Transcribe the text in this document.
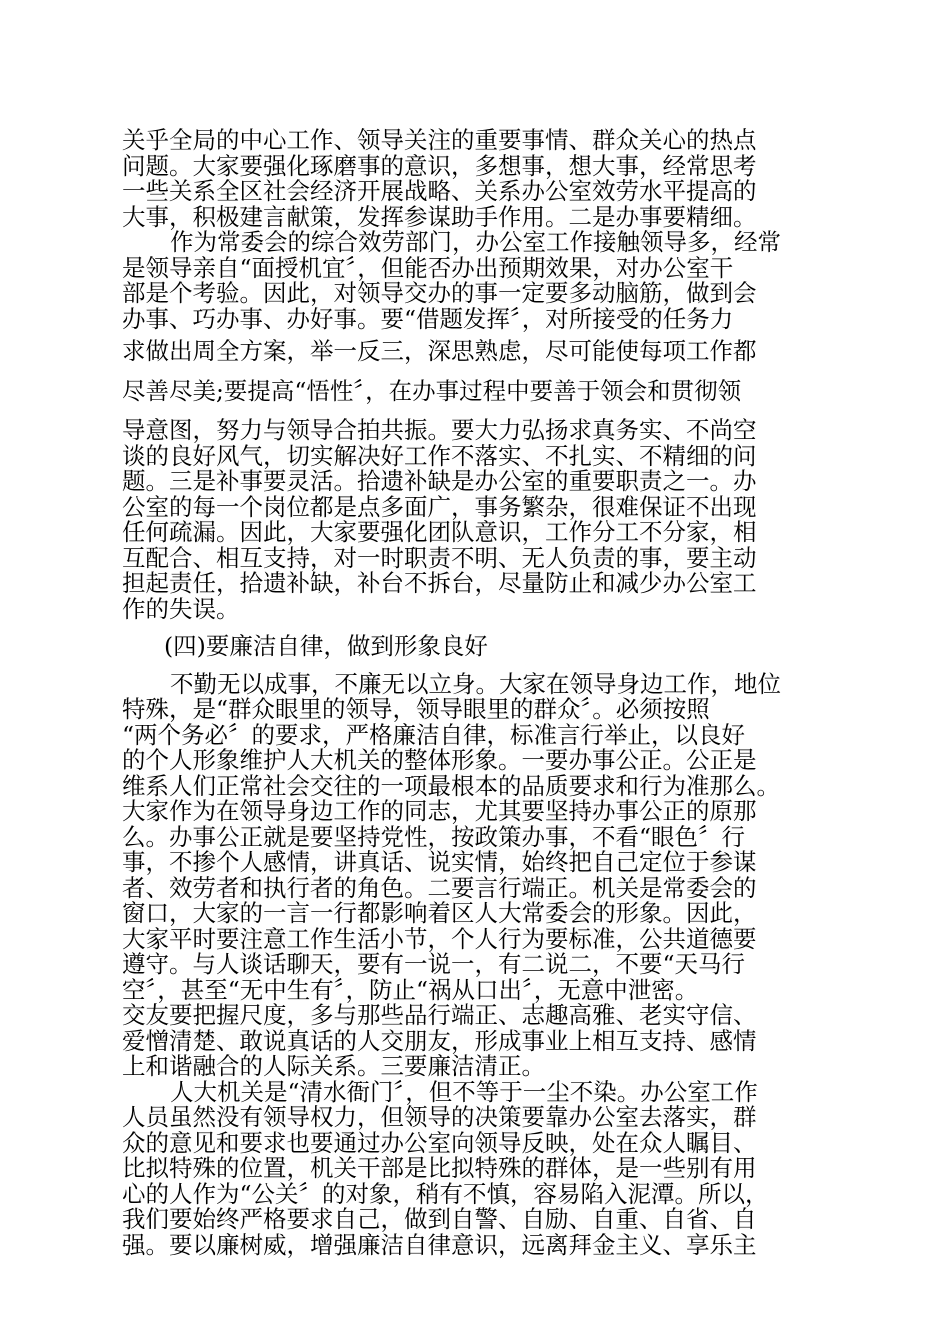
关乎全局的中心工作、领导关注的重要事情、群众关心的热点
问题。大家要强化琢磨事的意识，多想事，想大事，经常思考
一些关系全区社会经济开展战略、关系办公室效劳水平提高的
大事，积极建言献策，发挥参谋助手作用。二是办事要精细。
作为常委会的综合效劳部门，办公室工作接触领导多，经常
是领导亲自“面授机宜〞，但能否办出预期效果，对办公室干
部是个考验。因此，对领导交办的事一定要多动脑筋，做到会
办事、巧办事、办好事。要“借题发挥〞，对所接受的任务力
求做出周全方案，举一反三，深思熟虑，尽可能使每项工作都
尽善尽美;要提高“悟性〞，在办事过程中要善于领会和贯彻领
导意图，努力与领导合拍共振。要大力弘扬求真务实、不尚空
谈的良好风气，切实解决好工作不落实、不扎实、不精细的问
题。三是补事要灵活。拾遗补缺是办公室的重要职责之一。办
公室的每一个岗位都是点多面广，事务繁杂，很难保证不出现
任何疏漏。因此，大家要强化团队意识，工作分工不分家，相
互配合、相互支持，对一时职责不明、无人负责的事，要主动
担起责任，拾遗补缺，补台不拆台，尽量防止和减少办公室工
作的失误。
(四)要廉洁自律，做到形象良好
不勤无以成事，不廉无以立身。大家在领导身边工作，地位
特殊，是“群众眼里的领导，领导眼里的群众〞。必须按照
“两个务必〞的要求，严格廉洁自律，标准言行举止，以良好
的个人形象维护人大机关的整体形象。一要办事公正。公正是
维系人们正常社会交往的一项最根本的品质要求和行为准那么。
大家作为在领导身边工作的同志，尤其要坚持办事公正的原那
么。办事公正就是要坚持党性，按政策办事，不看“眼色〞行
事，不掺个人感情，讲真话、说实情，始终把自己定位于参谋
者、效劳者和执行者的角色。二要言行端正。机关是常委会的
窗口，大家的一言一行都影响着区人大常委会的形象。因此，
大家平时要注意工作生活小节，个人行为要标准，公共道德要
遵守。与人谈话聊天，要有一说一，有二说二，不要“天马行
空〞，甚至“无中生有〞，防止“祸从口出〞，无意中泄密。
交友要把握尺度，多与那些品行端正、志趣高雅、老实守信、
爱憎清楚、敢说真话的人交朋友，形成事业上相互支持、感情
上和谐融合的人际关系。三要廉洁清正。
人大机关是“清水衙门〞，但不等于一尘不染。办公室工作
人员虽然没有领导权力，但领导的决策要靠办公室去落实，群
众的意见和要求也要通过办公室向领导反映，处在众人瞩目、
比拟特殊的位置，机关干部是比拟特殊的群体，是一些别有用
心的人作为“公关〞的对象，稍有不慎，容易陷入泥潭。所以，
我们要始终严格要求自己，做到自警、自励、自重、自省、自
强。要以廉树威，增强廉洁自律意识，远离拜金主义、享乐主
